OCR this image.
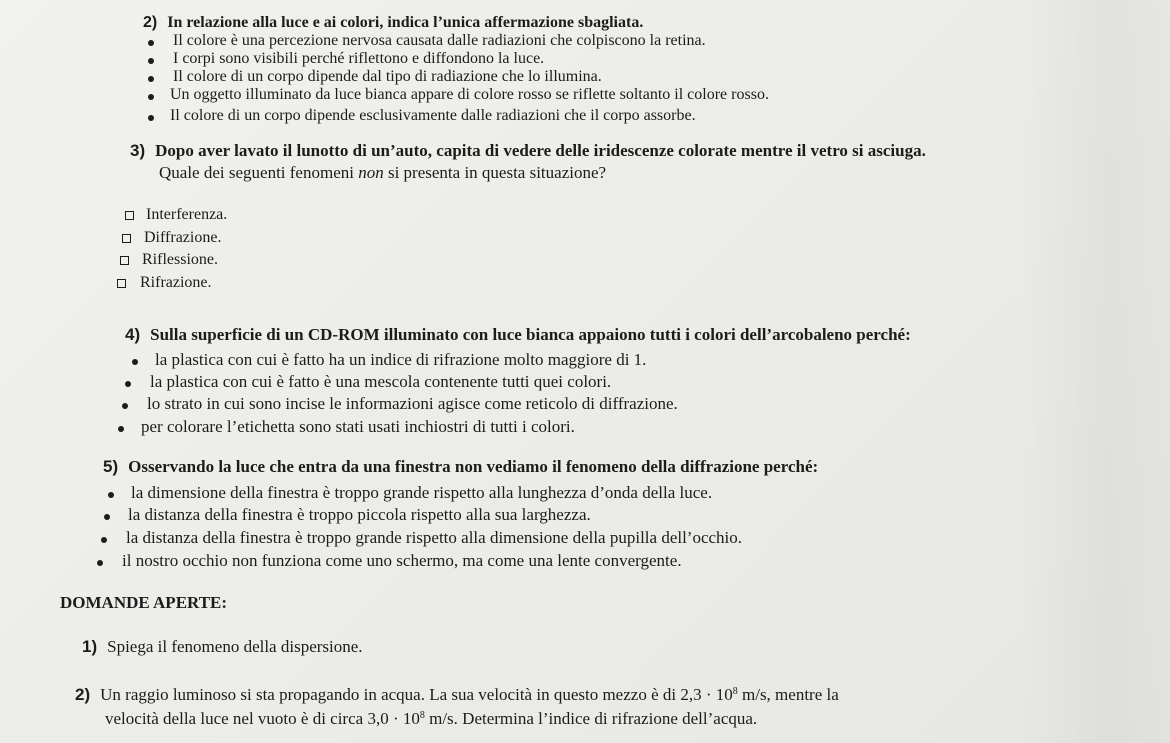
2) In relazione alla luce e ai colori, indica l’unica affermazione sbagliata.
Il colore è una percezione nervosa causata dalle radiazioni che colpiscono la retina.
I corpi sono visibili perché riflettono e diffondono la luce.
Il colore di un corpo dipende dal tipo di radiazione che lo illumina.
Un oggetto illuminato da luce bianca appare di colore rosso se riflette soltanto il colore rosso.
Il colore di un corpo dipende esclusivamente dalle radiazioni che il corpo assorbe.
3) Dopo aver lavato il lunotto di un’auto, capita di vedere delle iridescenze colorate mentre il vetro si asciuga.
Quale dei seguenti fenomeni non si presenta in questa situazione?
Interferenza.
Diffrazione.
Riflessione.
Rifrazione.
4) Sulla superficie di un CD-ROM illuminato con luce bianca appaiono tutti i colori dell’arcobaleno perché:
la plastica con cui è fatto ha un indice di rifrazione molto maggiore di 1.
la plastica con cui è fatto è una mescola contenente tutti quei colori.
lo strato in cui sono incise le informazioni agisce come reticolo di diffrazione.
per colorare l’etichetta sono stati usati inchiostri di tutti i colori.
5) Osservando la luce che entra da una finestra non vediamo il fenomeno della diffrazione perché:
la dimensione della finestra è troppo grande rispetto alla lunghezza d’onda della luce.
la distanza della finestra è troppo piccola rispetto alla sua larghezza.
la distanza della finestra è troppo grande rispetto alla dimensione della pupilla dell’occhio.
il nostro occhio non funziona come uno schermo, ma come una lente convergente.
DOMANDE APERTE:
1) Spiega il fenomeno della dispersione.
2) Un raggio luminoso si sta propagando in acqua. La sua velocità in questo mezzo è di $2,3 \cdot 10^8$ m/s, mentre la
velocità della luce nel vuoto è di circa $3,0 \cdot 10^8$ m/s. Determina l’indice di rifrazione dell’acqua.
